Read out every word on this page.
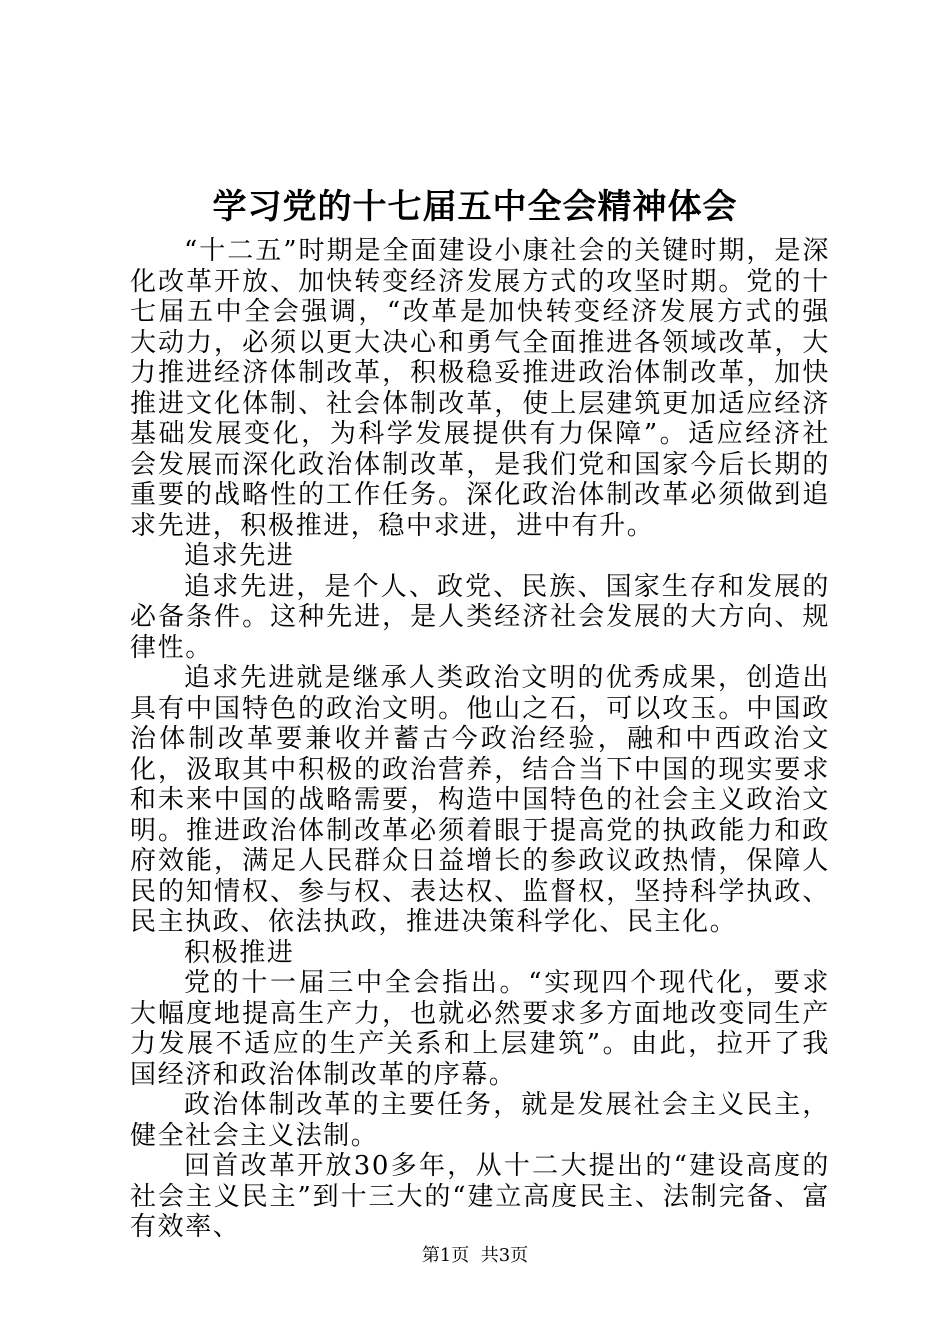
学习党的十七届五中全会精神体会

“十二五”时期是全面建设小康社会的关键时期，是深化改革开放、加快转变经济发展方式的攻坚时期。党的十七届五中全会强调，“改革是加快转变经济发展方式的强大动力，必须以更大决心和勇气全面推进各领域改革，大力推进经济体制改革，积极稳妥推进政治体制改革，加快推进文化体制、社会体制改革，使上层建筑更加适应经济基础发展变化，为科学发展提供有力保障”。适应经济社会发展而深化政治体制改革，是我们党和国家今后长期的重要的战略性的工作任务。深化政治体制改革必须做到追求先进，积极推进，稳中求进，进中有升。

追求先进

追求先进，是个人、政党、民族、国家生存和发展的必备条件。这种先进，是人类经济社会发展的大方向、规律性。

追求先进就是继承人类政治文明的优秀成果，创造出具有中国特色的政治文明。他山之石，可以攻玉。中国政治体制改革要兼收并蓄古今政治经验，融和中西政治文化，汲取其中积极的政治营养，结合当下中国的现实要求和未来中国的战略需要，构造中国特色的社会主义政治文明。推进政治体制改革必须着眼于提高党的执政能力和政府效能，满足人民群众日益增长的参政议政热情，保障人民的知情权、参与权、表达权、监督权，坚持科学执政、民主执政、依法执政，推进决策科学化、民主化。

积极推进

党的十一届三中全会指出。“实现四个现代化，要求大幅度地提高生产力，也就必然要求多方面地改变同生产力发展不适应的生产关系和上层建筑”。由此，拉开了我国经济和政治体制改革的序幕。

政治体制改革的主要任务，就是发展社会主义民主，健全社会主义法制。

回首改革开放30多年，从十二大提出的“建设高度的社会主义民主”到十三大的“建立高度民主、法制完备、富有效率、

第1页 共3页
